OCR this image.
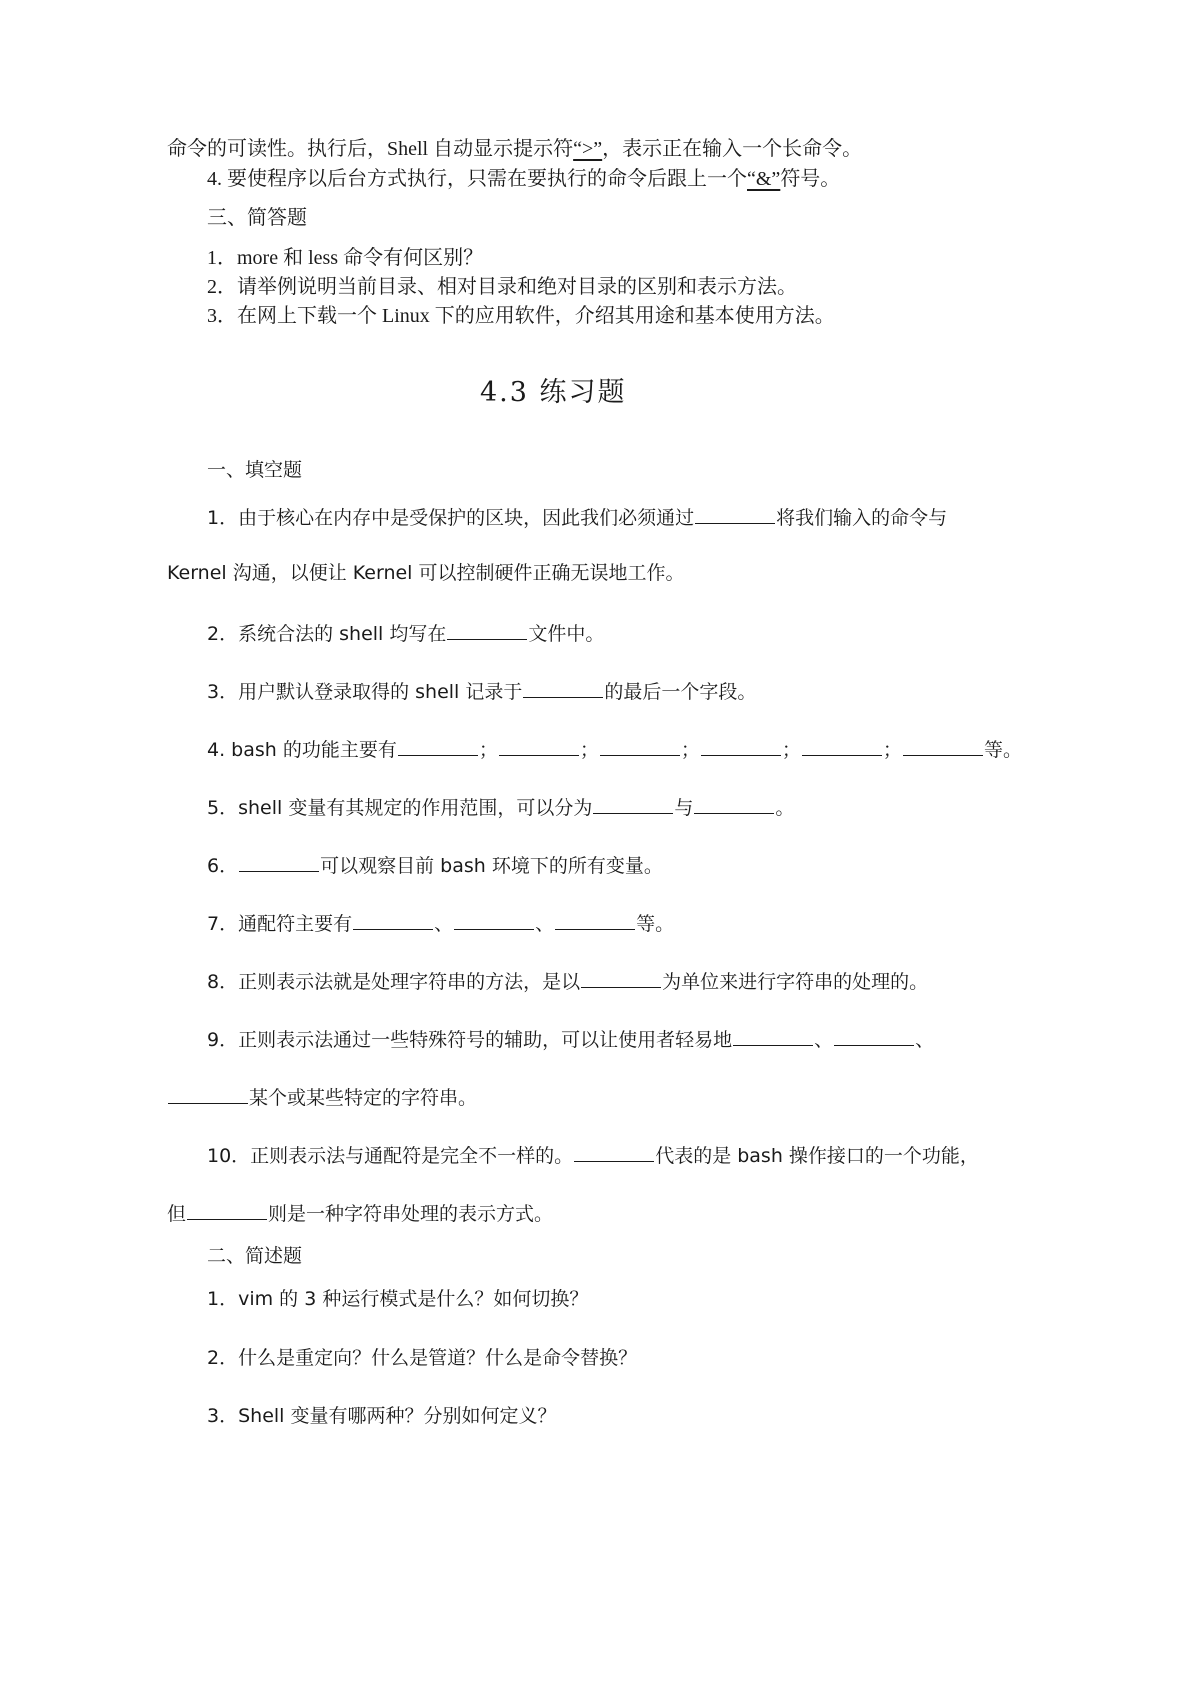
命令的可读性。执行后，Shell 自动显示提示符“>”，表示正在输入一个长命令。
4. 要使程序以后台方式执行，只需在要执行的命令后跟上一个“&”符号。
三、简答题
1．more 和 less 命令有何区别？
2．请举例说明当前目录、相对目录和绝对目录的区别和表示方法。
3．在网上下载一个 Linux 下的应用软件，介绍其用途和基本使用方法。
4.3 练习题
一、填空题
1．由于核心在内存中是受保护的区块，因此我们必须通过	将我们输入的命令与
Kernel 沟通，以便让 Kernel 可以控制硬件正确无误地工作。
2．系统合法的 shell 均写在	文件中。
3．用户默认登录取得的 shell 记录于	的最后一个字段。
4. bash 的功能主要有	；	；	；	；	；	等。
5．shell 变量有其规定的作用范围，可以分为	与	。
6．	可以观察目前 bash 环境下的所有变量。
7．通配符主要有	、	、	等。
8．正则表示法就是处理字符串的方法，是以	为单位来进行字符串的处理的。
9．正则表示法通过一些特殊符号的辅助，可以让使用者轻易地	、	、
某个或某些特定的字符串。
10．正则表示法与通配符是完全不一样的。	代表的是 bash 操作接口的一个功能，
但	则是一种字符串处理的表示方式。
二、简述题
1．vim 的 3 种运行模式是什么？如何切换？
2．什么是重定向？什么是管道？什么是命令替换？
3．Shell 变量有哪两种？分别如何定义？
